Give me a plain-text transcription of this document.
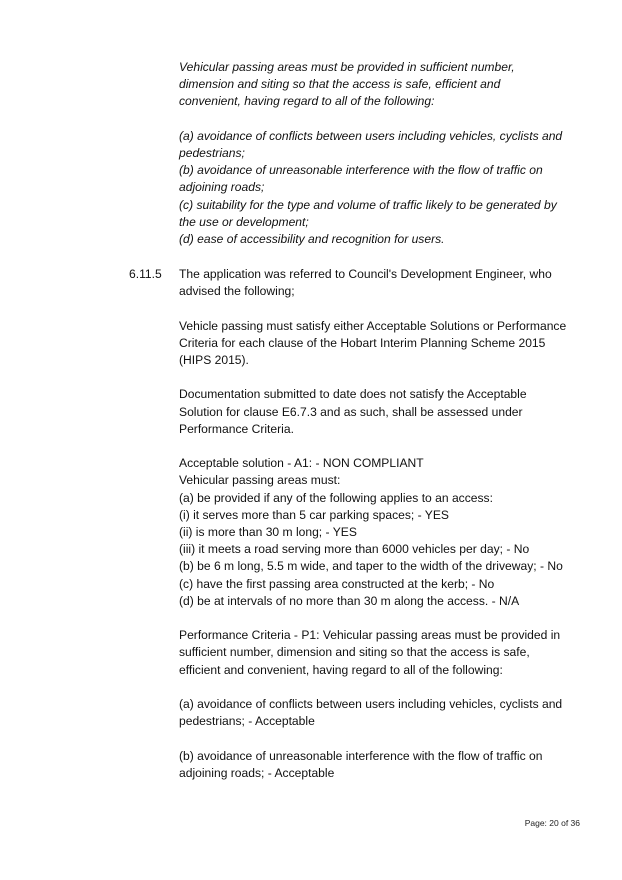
Vehicular passing areas must be provided in sufficient number,
dimension and siting so that the access is safe, efficient and
convenient, having regard to all of the following:

(a) avoidance of conflicts between users including vehicles, cyclists and
pedestrians;
(b) avoidance of unreasonable interference with the flow of traffic on
adjoining roads;
(c) suitability for the type and volume of traffic likely to be generated by
the use or development;
(d) ease of accessibility and recognition for users.

6.11.5 The application was referred to Council's Development Engineer, who
advised the following;

Vehicle passing must satisfy either Acceptable Solutions or Performance
Criteria for each clause of the Hobart Interim Planning Scheme 2015
(HIPS 2015).

Documentation submitted to date does not satisfy the Acceptable
Solution for clause E6.7.3 and as such, shall be assessed under
Performance Criteria.

Acceptable solution - A1: - NON COMPLIANT
Vehicular passing areas must:
(a) be provided if any of the following applies to an access:
(i) it serves more than 5 car parking spaces; - YES
(ii) is more than 30 m long; - YES
(iii) it meets a road serving more than 6000 vehicles per day; - No
(b) be 6 m long, 5.5 m wide, and taper to the width of the driveway; - No
(c) have the first passing area constructed at the kerb; - No
(d) be at intervals of no more than 30 m along the access. - N/A

Performance Criteria - P1: Vehicular passing areas must be provided in
sufficient number, dimension and siting so that the access is safe,
efficient and convenient, having regard to all of the following:

(a) avoidance of conflicts between users including vehicles, cyclists and
pedestrians; - Acceptable

(b) avoidance of unreasonable interference with the flow of traffic on
adjoining roads; - Acceptable

Page: 20 of 36
